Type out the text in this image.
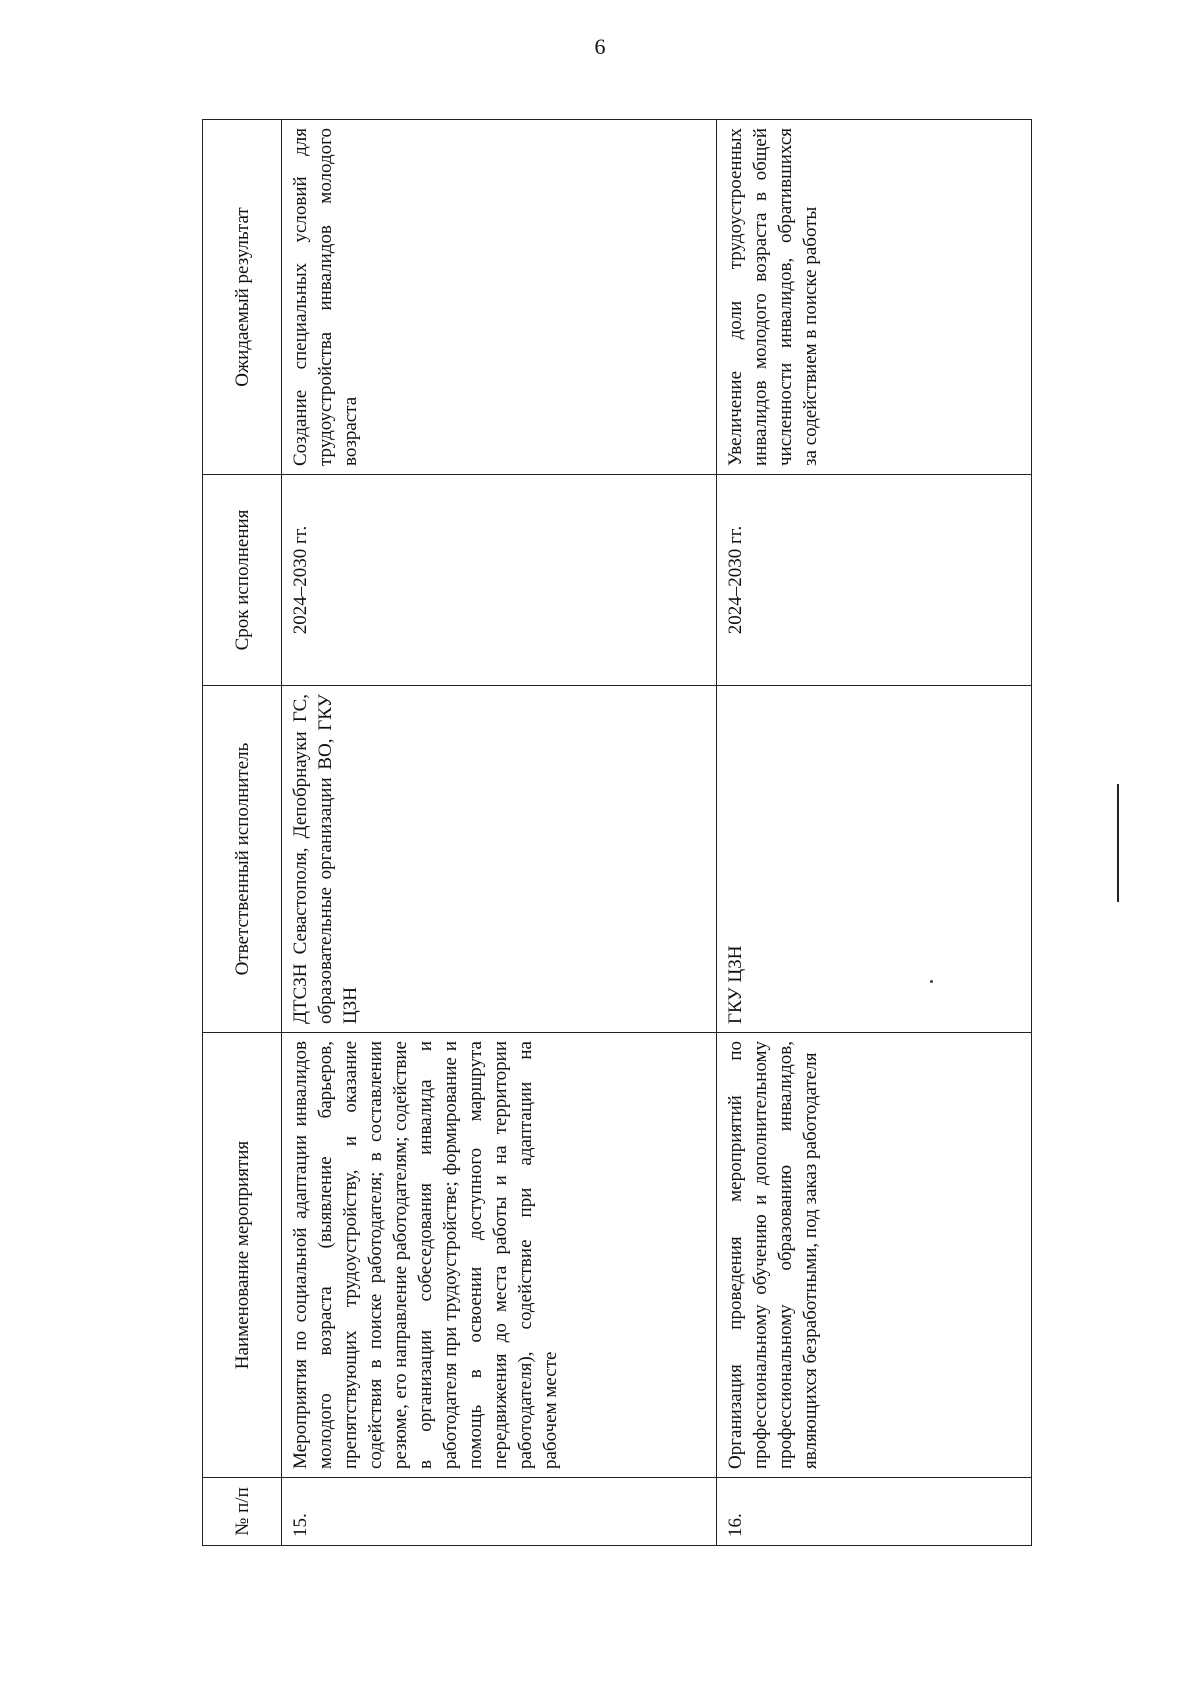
6
№ п/п	Наименование мероприятия	Ответственный исполнитель	Срок исполнения	Ожидаемый результат
15.	Мероприятия по социальной адаптации инвалидов молодого возраста (выявление барьеров, препятствующих трудоустройству, и оказание содействия в поиске работодателя; в составлении резюме, его направление работодателям; содействие в организации собеседования инвалида и работодателя при трудоустройстве; формирование и помощь в освоении доступного маршрута передвижения до места работы и на территории работодателя), содействие при адаптации на рабочем месте	ДТСЗН Севастополя, Депобрнауки ГС, образовательные организации ВО, ГКУ ЦЗН	2024–2030 гг.	Создание специальных условий для трудоустройства инвалидов молодого возраста
16.	Организация проведения мероприятий по профессиональному обучению и дополнительному профессиональному образованию инвалидов, являющихся безработными, под заказ работодателя	ГКУ ЦЗН	2024–2030 гг.	Увеличение доли трудоустроенных инвалидов молодого возраста в общей численности инвалидов, обратившихся за содействием в поиске работы
